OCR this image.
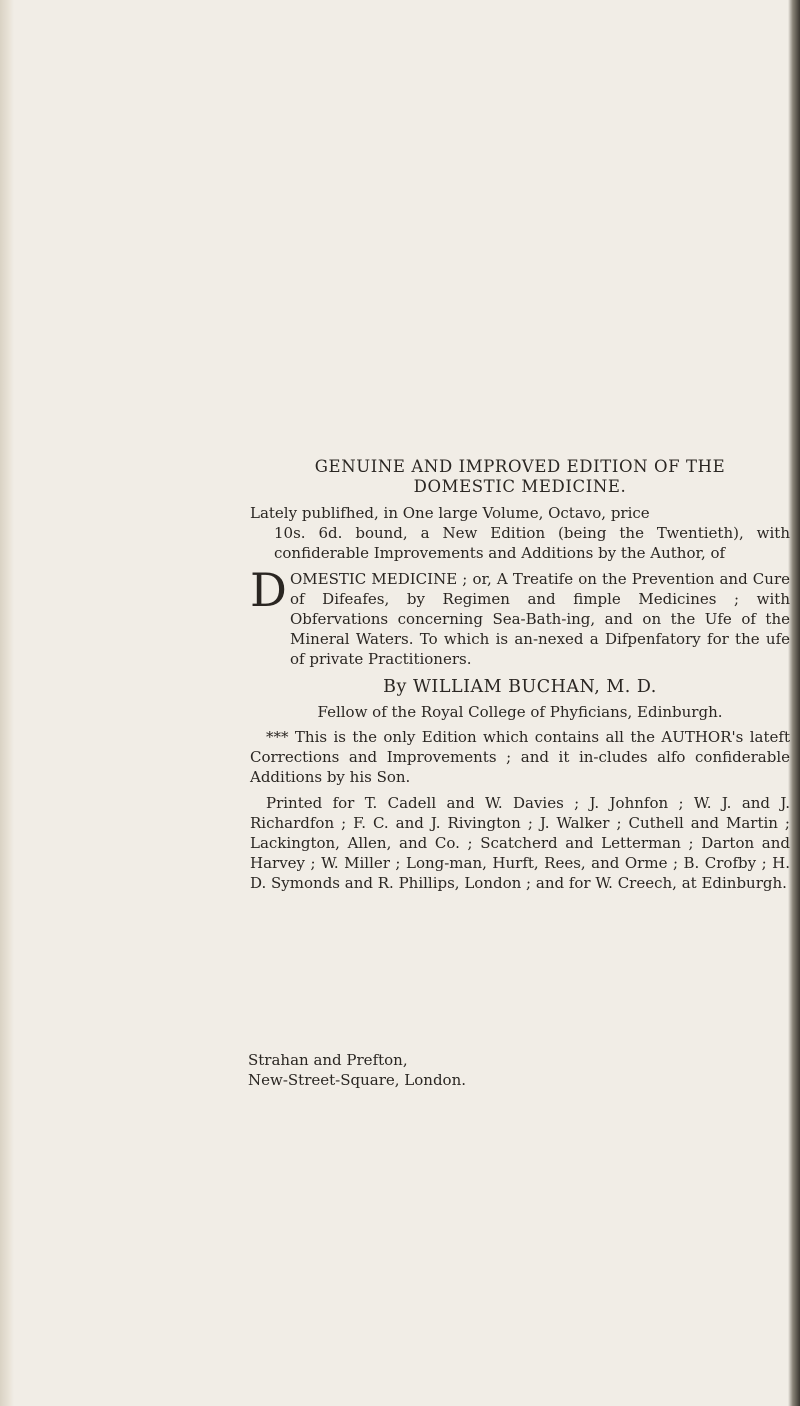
GENUINE AND IMPROVED EDITION OF THE
DOMESTIC MEDICINE.

Lately publifhed, in One large Volume, Octavo, price
10s. 6d. bound, a New Edition (being the Twentieth), with confiderable Improvements and Additions by the Author, of

D OMESTIC MEDICINE ; or, A Treatife on the Prevention and Cure of Difeafes, by Regimen and fimple Medicines ; with Obfervations concerning Sea-Bath-ing, and on the Ufe of the Mineral Waters. To which is an-nexed a Difpenfatory for the ufe of private Practitioners.

By WILLIAM BUCHAN, M. D.
Fellow of the Royal College of Phyficians, Edinburgh.

*** This is the only Edition which contains all the AUTHOR's lateft Corrections and Improvements ; and it in-cludes alfo confiderable Additions by his Son.

Printed for T. Cadell and W. Davies ; J. Johnfon ; W. J. and J. Richardfon ; F. C. and J. Rivington ; J. Walker ; Cuthell and Martin ; Lackington, Allen, and Co. ; Scatcherd and Letterman ; Darton and Harvey ; W. Miller ; Long-man, Hurft, Rees, and Orme ; B. Crofby ; H. D. Symonds and R. Phillips, London ; and for W. Creech, at Edinburgh.

Strahan and Prefton,
New-Street-Square, London.
